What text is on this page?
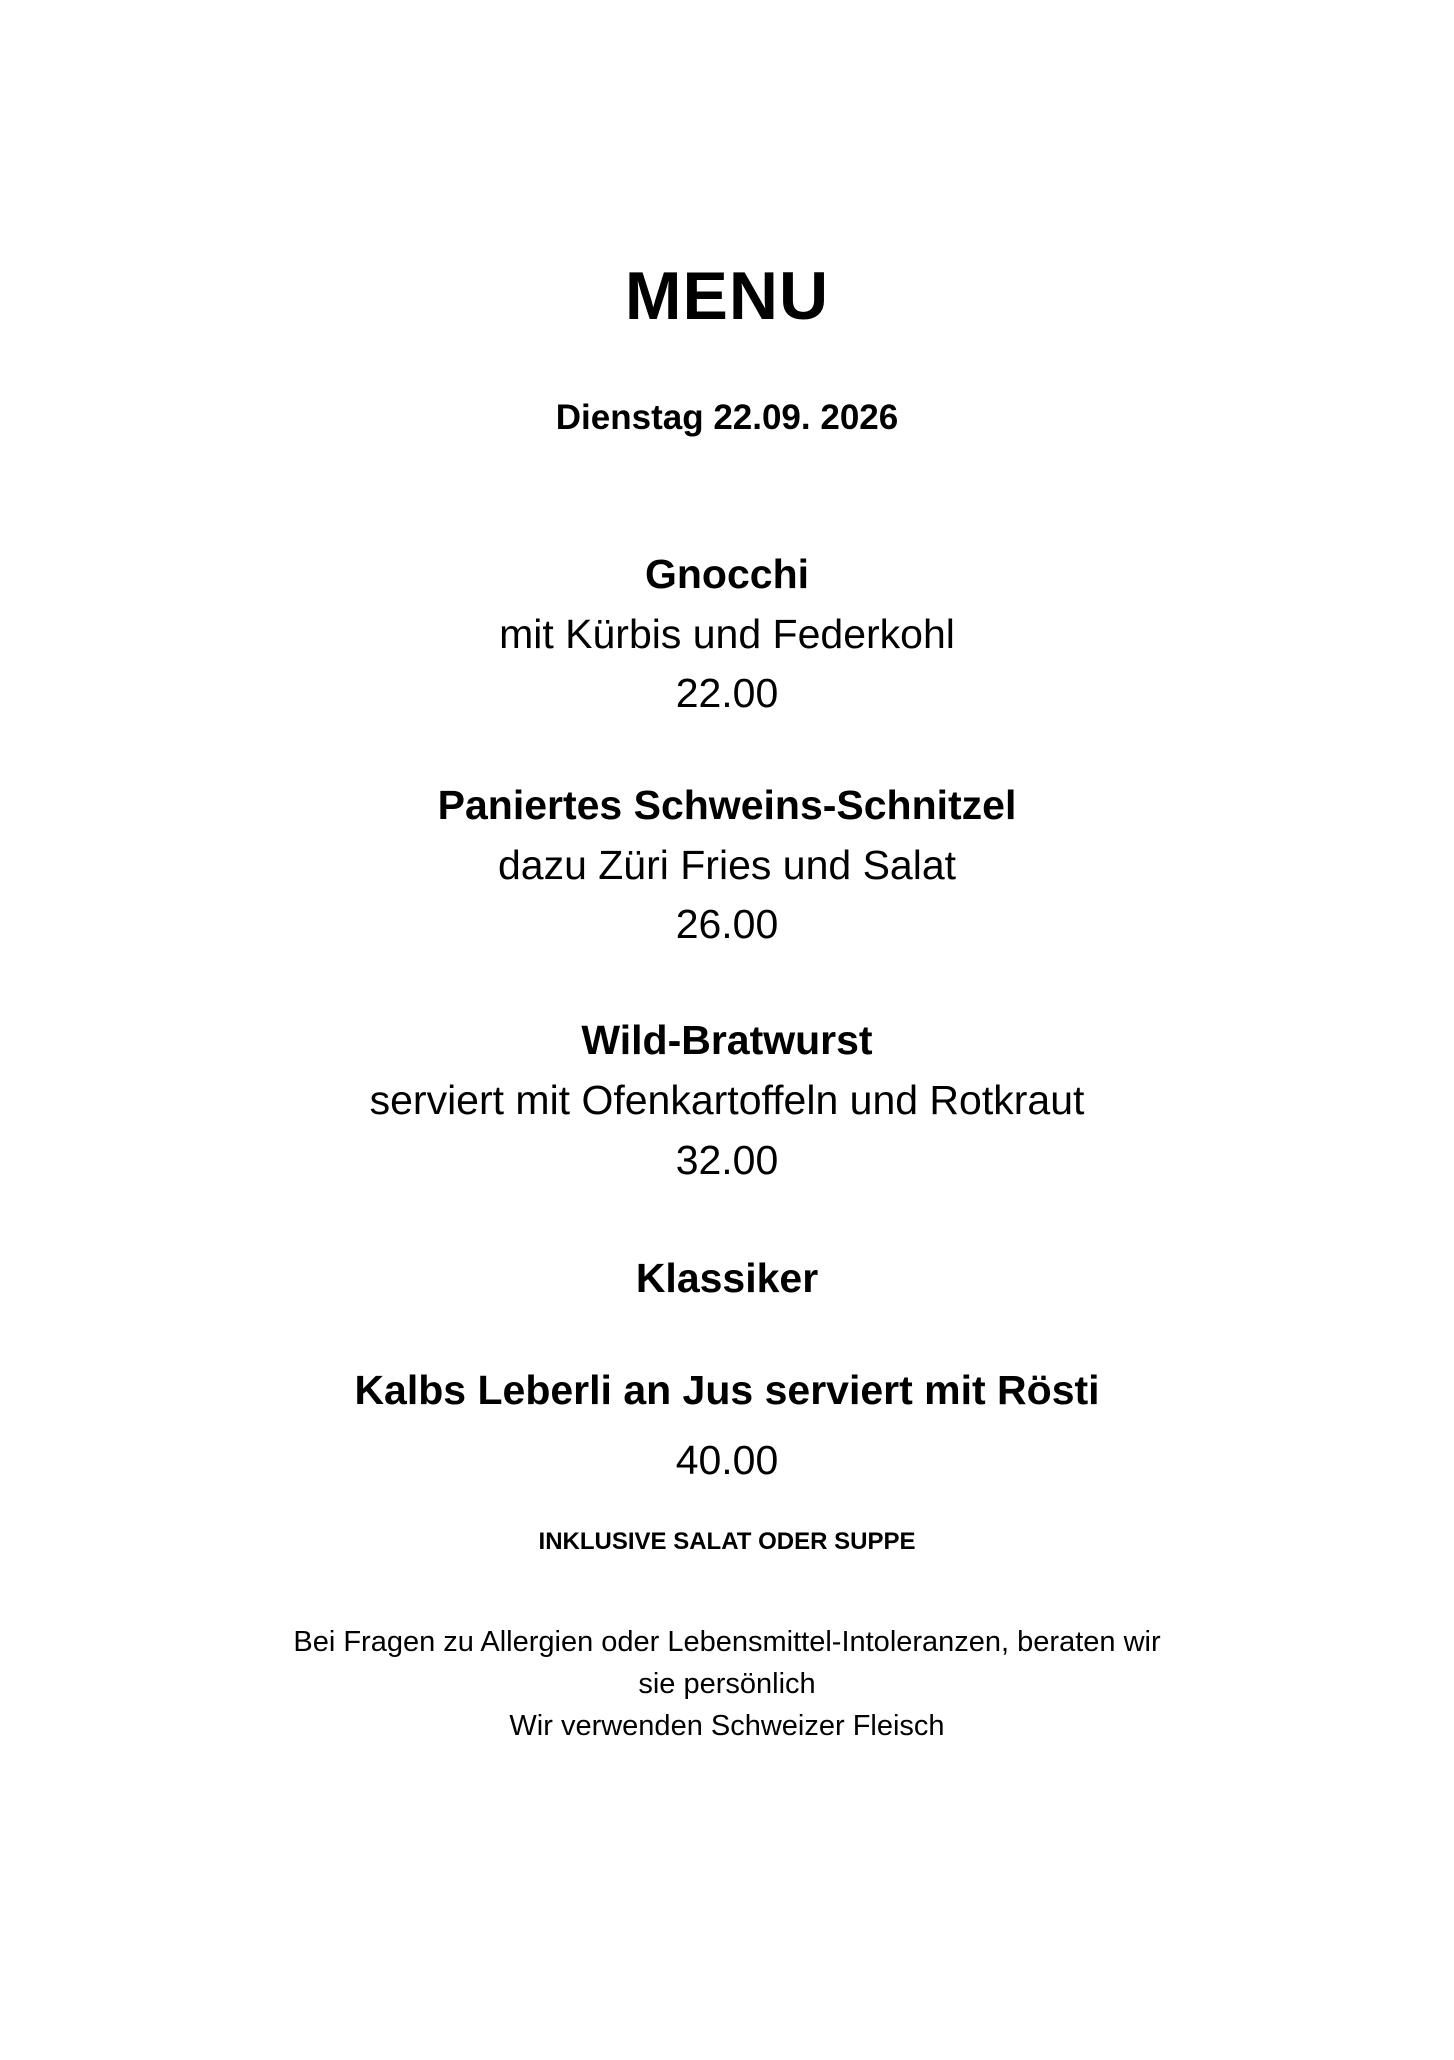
MENU
Dienstag 22.09. 2026
Gnocchi
mit Kürbis und Federkohl
22.00
Paniertes Schweins-Schnitzel
dazu Züri Fries und Salat
26.00
Wild-Bratwurst
serviert mit Ofenkartoffeln und Rotkraut
32.00
Klassiker
Kalbs Leberli an Jus serviert mit Rösti
40.00
INKLUSIVE SALAT ODER SUPPE
Bei Fragen zu Allergien oder Lebensmittel-Intoleranzen, beraten wir
sie persönlich
Wir verwenden Schweizer Fleisch
